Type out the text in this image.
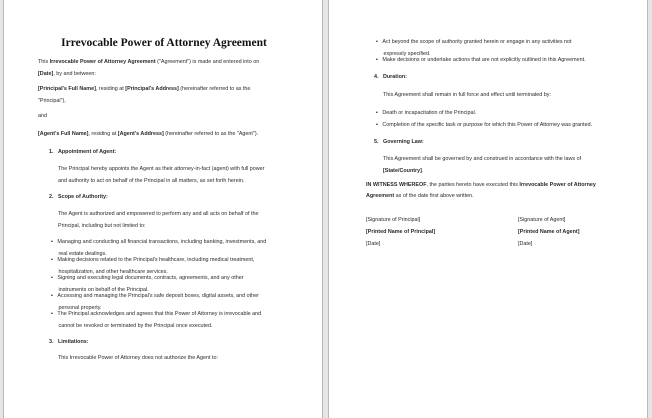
Irrevocable Power of Attorney Agreement
This Irrevocable Power of Attorney Agreement ("Agreement") is made and entered into on
[Date], by and between:
[Principal's Full Name], residing at [Principal's Address] (hereinafter referred to as the
"Principal"),
and
[Agent's Full Name], residing at [Agent's Address] (hereinafter referred to as the "Agent").
1. Appointment of Agent:
The Principal hereby appoints the Agent as their attorney-in-fact (agent) with full power
and authority to act on behalf of the Principal in all matters, as set forth herein.
2. Scope of Authority:
The Agent is authorized and empowered to perform any and all acts on behalf of the
Principal, including but not limited to:
▪   Managing and conducting all financial transactions, including banking, investments, and
real estate dealings.
▪   Making decisions related to the Principal's healthcare, including medical treatment,
hospitalization, and other healthcare services.
▪   Signing and executing legal documents, contracts, agreements, and any other
instruments on behalf of the Principal.
▪   Accessing and managing the Principal's safe deposit boxes, digital assets, and other
personal property.
▪   The Principal acknowledges and agrees that this Power of Attorney is irrevocable and
cannot be revoked or terminated by the Principal once executed.
3. Limitations:
This Irrevocable Power of Attorney does not authorize the Agent to:
▪   Act beyond the scope of authority granted herein or engage in any activities not
expressly specified.
▪   Make decisions or undertake actions that are not explicitly outlined in this Agreement.
4. Duration:
This Agreement shall remain in full force and effect until terminated by:
▪   Death or incapacitation of the Principal.
▪   Completion of the specific task or purpose for which this Power of Attorney was granted.
5. Governing Law:
This Agreement shall be governed by and construed in accordance with the laws of
[State/Country].
IN WITNESS WHEREOF, the parties hereto have executed this Irrevocable Power of Attorney
Agreement as of the date first above written.
[Signature of Principal]
[Printed Name of Principal]
[Date]
[Signature of Agent]
[Printed Name of Agent]
[Date]
